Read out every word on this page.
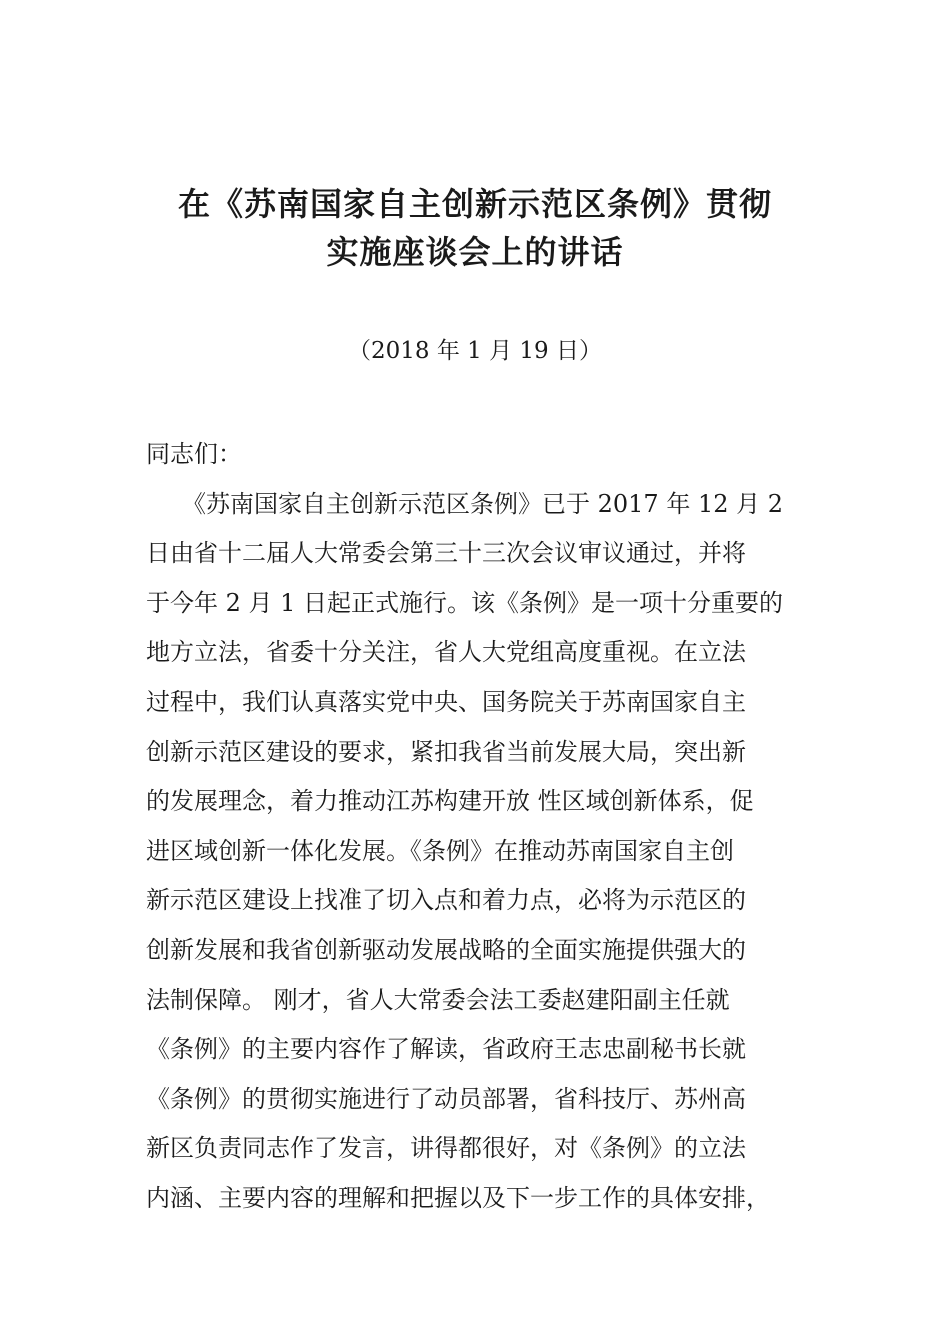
在《苏南国家自主创新示范区条例》贯彻
实施座谈会上的讲话
（2018 年 1 月 19 日）
同志们：
　　《苏南国家自主创新示范区条例》已于 2017 年 12 月 2
日由省十二届人大常委会第三十三次会议审议通过，并将
于今年 2 月 1 日起正式施行。该《条例》是一项十分重要的
地方立法，省委十分关注，省人大党组高度重视。在立法
过程中，我们认真落实党中央、国务院关于苏南国家自主
创新示范区建设的要求，紧扣我省当前发展大局，突出新
的发展理念，着力推动江苏构建开放 性区域创新体系，促
进区域创新一体化发展。《条例》在推动苏南国家自主创
新示范区建设上找准了切入点和着力点，必将为示范区的
创新发展和我省创新驱动发展战略的全面实施提供强大的
法制保障。 刚才，省人大常委会法工委赵建阳副主任就
《条例》的主要内容作了解读，省政府王志忠副秘书长就
《条例》的贯彻实施进行了动员部署，省科技厅、苏州高
新区负责同志作了发言，讲得都很好，对《条例》的立法
内涵、主要内容的理解和把握以及下一步工作的具体安排，
